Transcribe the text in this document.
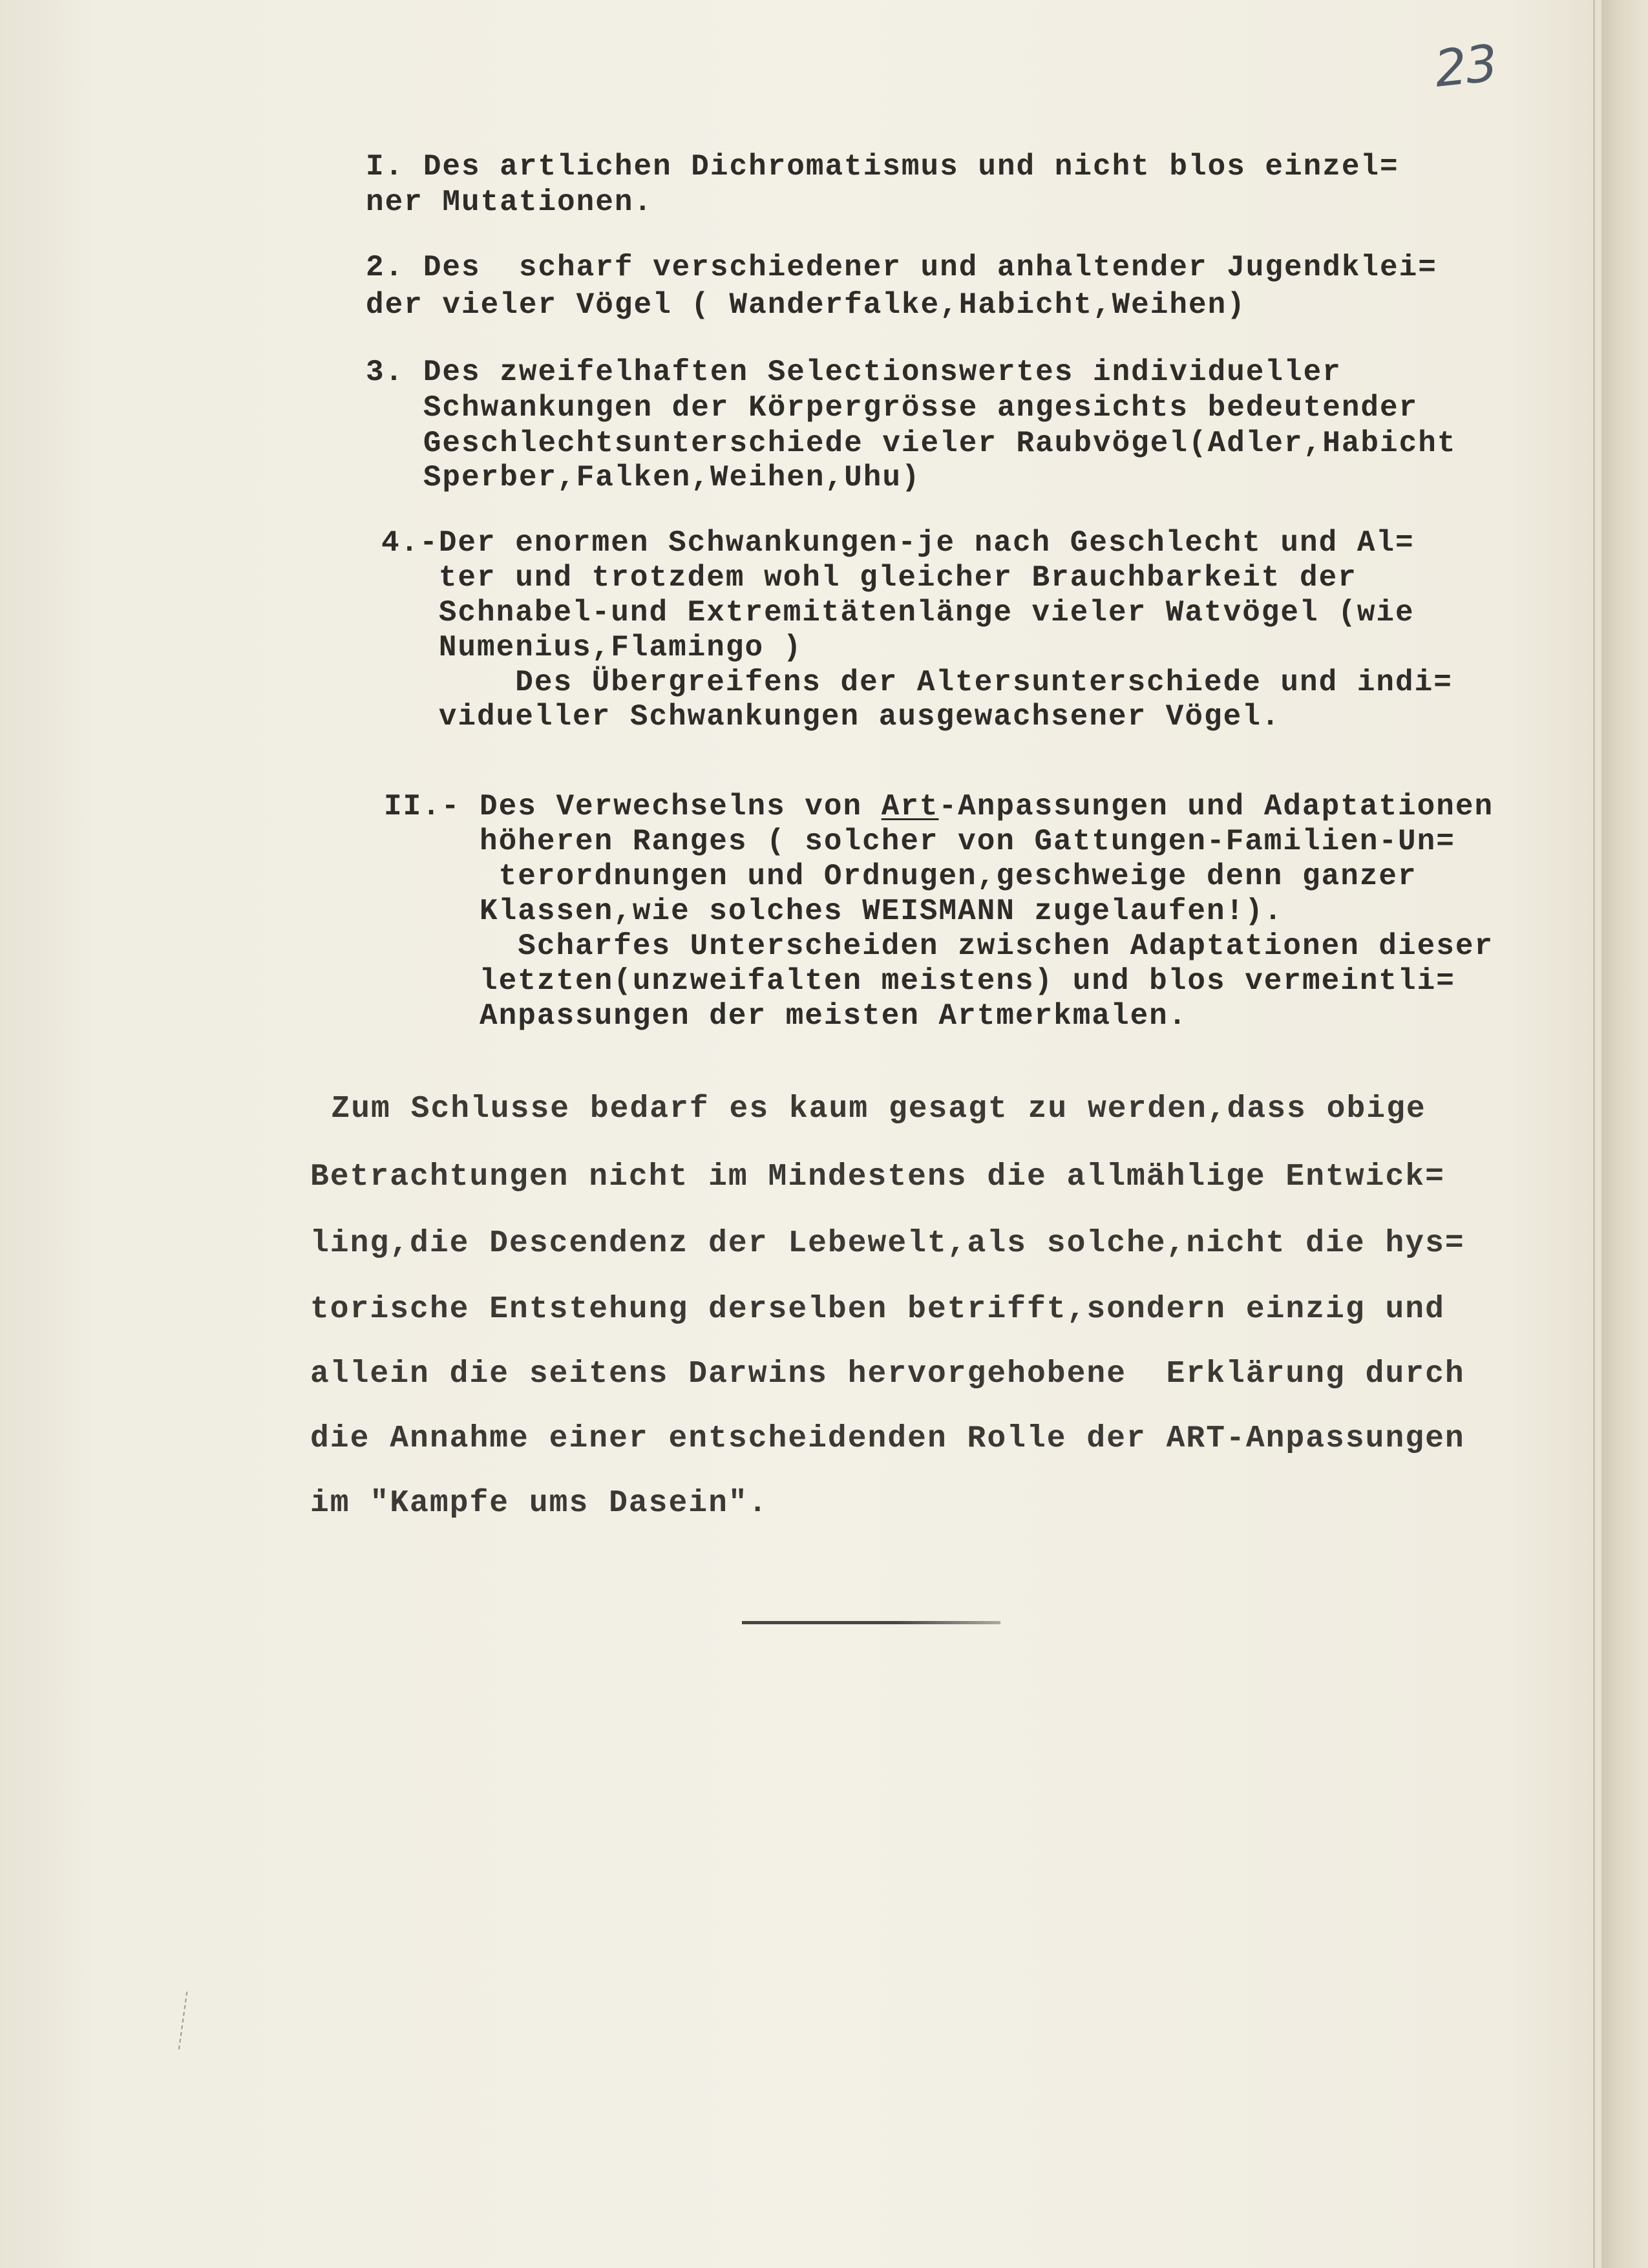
23
I. Des artlichen Dichromatismus und nicht blos einzel=
ner Mutationen.
2. Des  scharf verschiedener und anhaltender Jugendklei=
der vieler Vögel ( Wanderfalke,Habicht,Weihen)
3. Des zweifelhaften Selectionswertes individueller
Schwankungen der Körpergrösse angesichts bedeutender
Geschlechtsunterschiede vieler Raubvögel(Adler,Habicht
Sperber,Falken,Weihen,Uhu)
4.-Der enormen Schwankungen-je nach Geschlecht und Al=
ter und trotzdem wohl gleicher Brauchbarkeit der
Schnabel-und Extremitätenlänge vieler Watvögel (wie
Numenius,Flamingo )
Des Übergreifens der Altersunterschiede und indi=
vidueller Schwankungen ausgewachsener Vögel.
II.- Des Verwechselns von Art-Anpassungen und Adaptationen
höheren Ranges ( solcher von Gattungen-Familien-Un=
terordnungen und Ordnugen,geschweige denn ganzer
Klassen,wie solches WEISMANN zugelaufen!).
Scharfes Unterscheiden zwischen Adaptationen dieser
letzten(unzweifalten meistens) und blos vermeintli=
Anpassungen der meisten Artmerkmalen.
Zum Schlusse bedarf es kaum gesagt zu werden,dass obige
Betrachtungen nicht im Mindestens die allmählige Entwick=
ling,die Descendenz der Lebewelt,als solche,nicht die hys=
torische Entstehung derselben betrifft,sondern einzig und
allein die seitens Darwins hervorgehobene  Erklärung durch
die Annahme einer entscheidenden Rolle der ART-Anpassungen
im "Kampfe ums Dasein".
